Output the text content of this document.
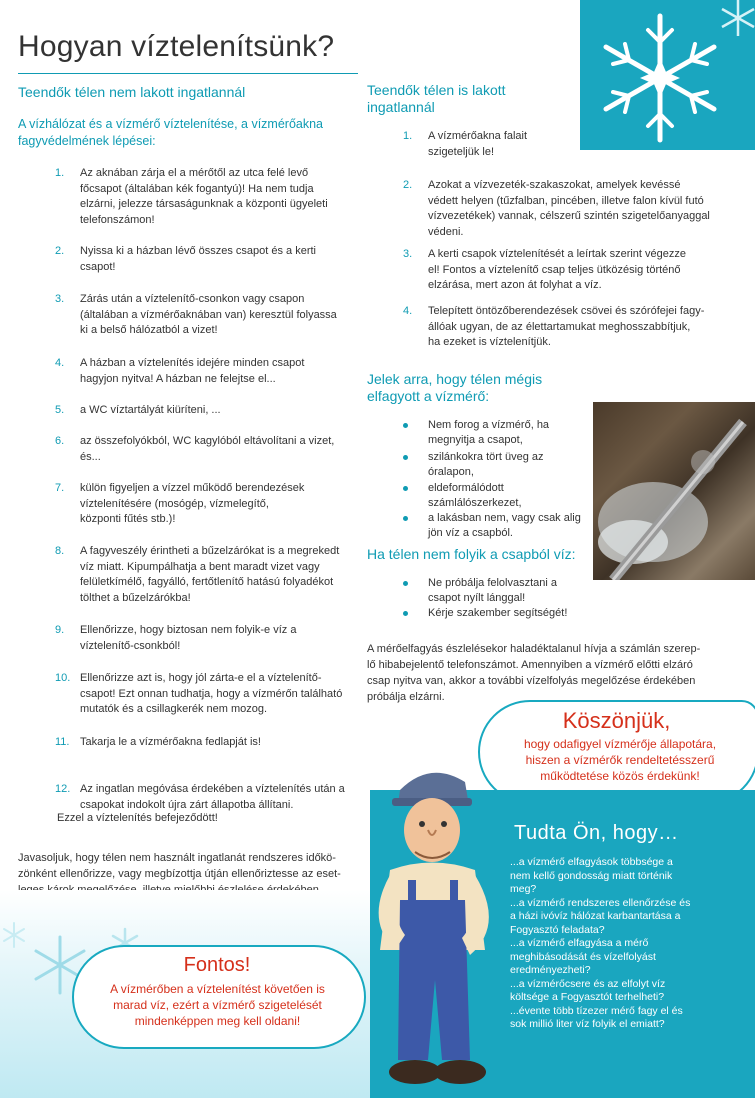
Hogyan víztelenítsünk?
Teendők télen nem lakott ingatlannál
A vízhálózat és a vízmérő víztelenítése, a vízmérőakna fagyvédelmének lépései:
1.	Az aknában zárja el a mérőtől az utca felé levő
főcsapot (általában kék fogantyú)! Ha nem tudja
elzárni, jelezze társaságunknak a központi ügyeleti
telefonszámon!
2.	Nyissa ki a házban lévő összes csapot és a kerti
csapot!
3.	Zárás után a víztelenítő-csonkon vagy csapon
(általában a vízmérőaknában van) keresztül folyassa
ki a belső hálózatból a vizet!
4.	A házban a víztelenítés idejére minden csapot
hagyjon nyitva! A házban ne felejtse el...
5.	a WC víztartályát kiüríteni, ...
6.	az összefolyókból, WC kagylóból eltávolítani a vizet,
és...
7.	külön figyeljen a vízzel működő berendezések
víztelenítésére (mosógép, vízmelegítő,
központi fűtés stb.)!
8.	A fagyveszély érintheti a bűzelzárókat is a megrekedt
víz miatt. Kipumpálhatja a bent maradt vizet vagy
felületkímélő, fagyálló, fertőtlenítő hatású folyadékot
tölthet a bűzelzárókba!
9.	Ellenőrizze, hogy biztosan nem folyik-e víz a
víztelenítő-csonkból!
10. Ellenőrizze azt is, hogy jól zárta-e el a víztelenítő-
csapot! Ezt onnan tudhatja, hogy a vízmérőn található
mutatók és a csillagkerék nem mozog.
11. Takarja le a vízmérőakna fedlapját is!
12. Az ingatlan megóvása érdekében a víztelenítés után a
csapokat indokolt újra zárt állapotba állítani.
Ezzel a víztelenítés befejeződött!
Javasoljuk, hogy télen nem használt ingatlanát rendszeres időkö-
zönként ellenőrizze, vagy megbízottja útján ellenőriztesse az eset-
Teendők télen is lakott
ingatlannál
1.	A vízmérőakna falait
szigeteljük le!
2.	Azokat a vízvezeték-szakaszokat, amelyek kevéssé
védett helyen (tűzfalban, pincében, illetve falon kívül futó
vízvezetékek) vannak, célszerű szintén szigetelőanyaggal
védeni.
3.	A kerti csapok víztelenítését a leírtak szerint végezze
el! Fontos a víztelenítő csap teljes ütközésig történő
elzárása, mert azon át folyhat a víz.
4.	Telepített öntözőberendezések csövei és szórófejei fagy-
állóak ugyan, de az élettartamukat meghosszabbítjuk,
ha ezeket is víztelenítjük.
Jelek arra, hogy télen mégis
elfagyott a vízmérő:
Nem forog a vízmérő, ha
megnyitja a csapot,
szilánkokra tört üveg az
óralapon,
eldeformálódott
számlálószerkezet,
a lakásban nem, vagy csak alig
jön víz a csapból.
Ha télen nem folyik a csapból víz:
Ne próbálja felolvasztani a
csapot nyílt lánggal!
Kérje szakember segítségét!
A mérőelfagyás észlelésekor haladéktalanul hívja a számlán szerep-
lő hibabejelentő telefonszámot. Amennyiben a vízmérő előtti elzáró
csap nyitva van, akkor a további vízelfolyás megelőzése érdekében
próbálja elzárni.
Köszönjük,
hogy odafigyel vízmérője állapotára,
hiszen a vízmérők rendeltetésszerű
működtetése közös érdekünk!
Fontos!
A vízmérőben a víztelenítést követően is
marad víz, ezért a vízmérő szigetelését
mindenképpen meg kell oldani!
Tudta Ön, hogy…
...a vízmérő elfagyások többsége a
nem kellő gondosság miatt történik
meg?
...a vízmérő rendszeres ellenőrzése és
a házi ivóvíz hálózat karbantartása a
Fogyasztó feladata?
...a vízmérő elfagyása a mérő
meghibásodását és vízelfolyást
eredményezheti?
...a vízmérőcsere és az elfolyt víz
költsége a Fogyasztót terhelheti?
...évente több tízezer mérő fagy el és
sok millió liter víz folyik el emiatt?
